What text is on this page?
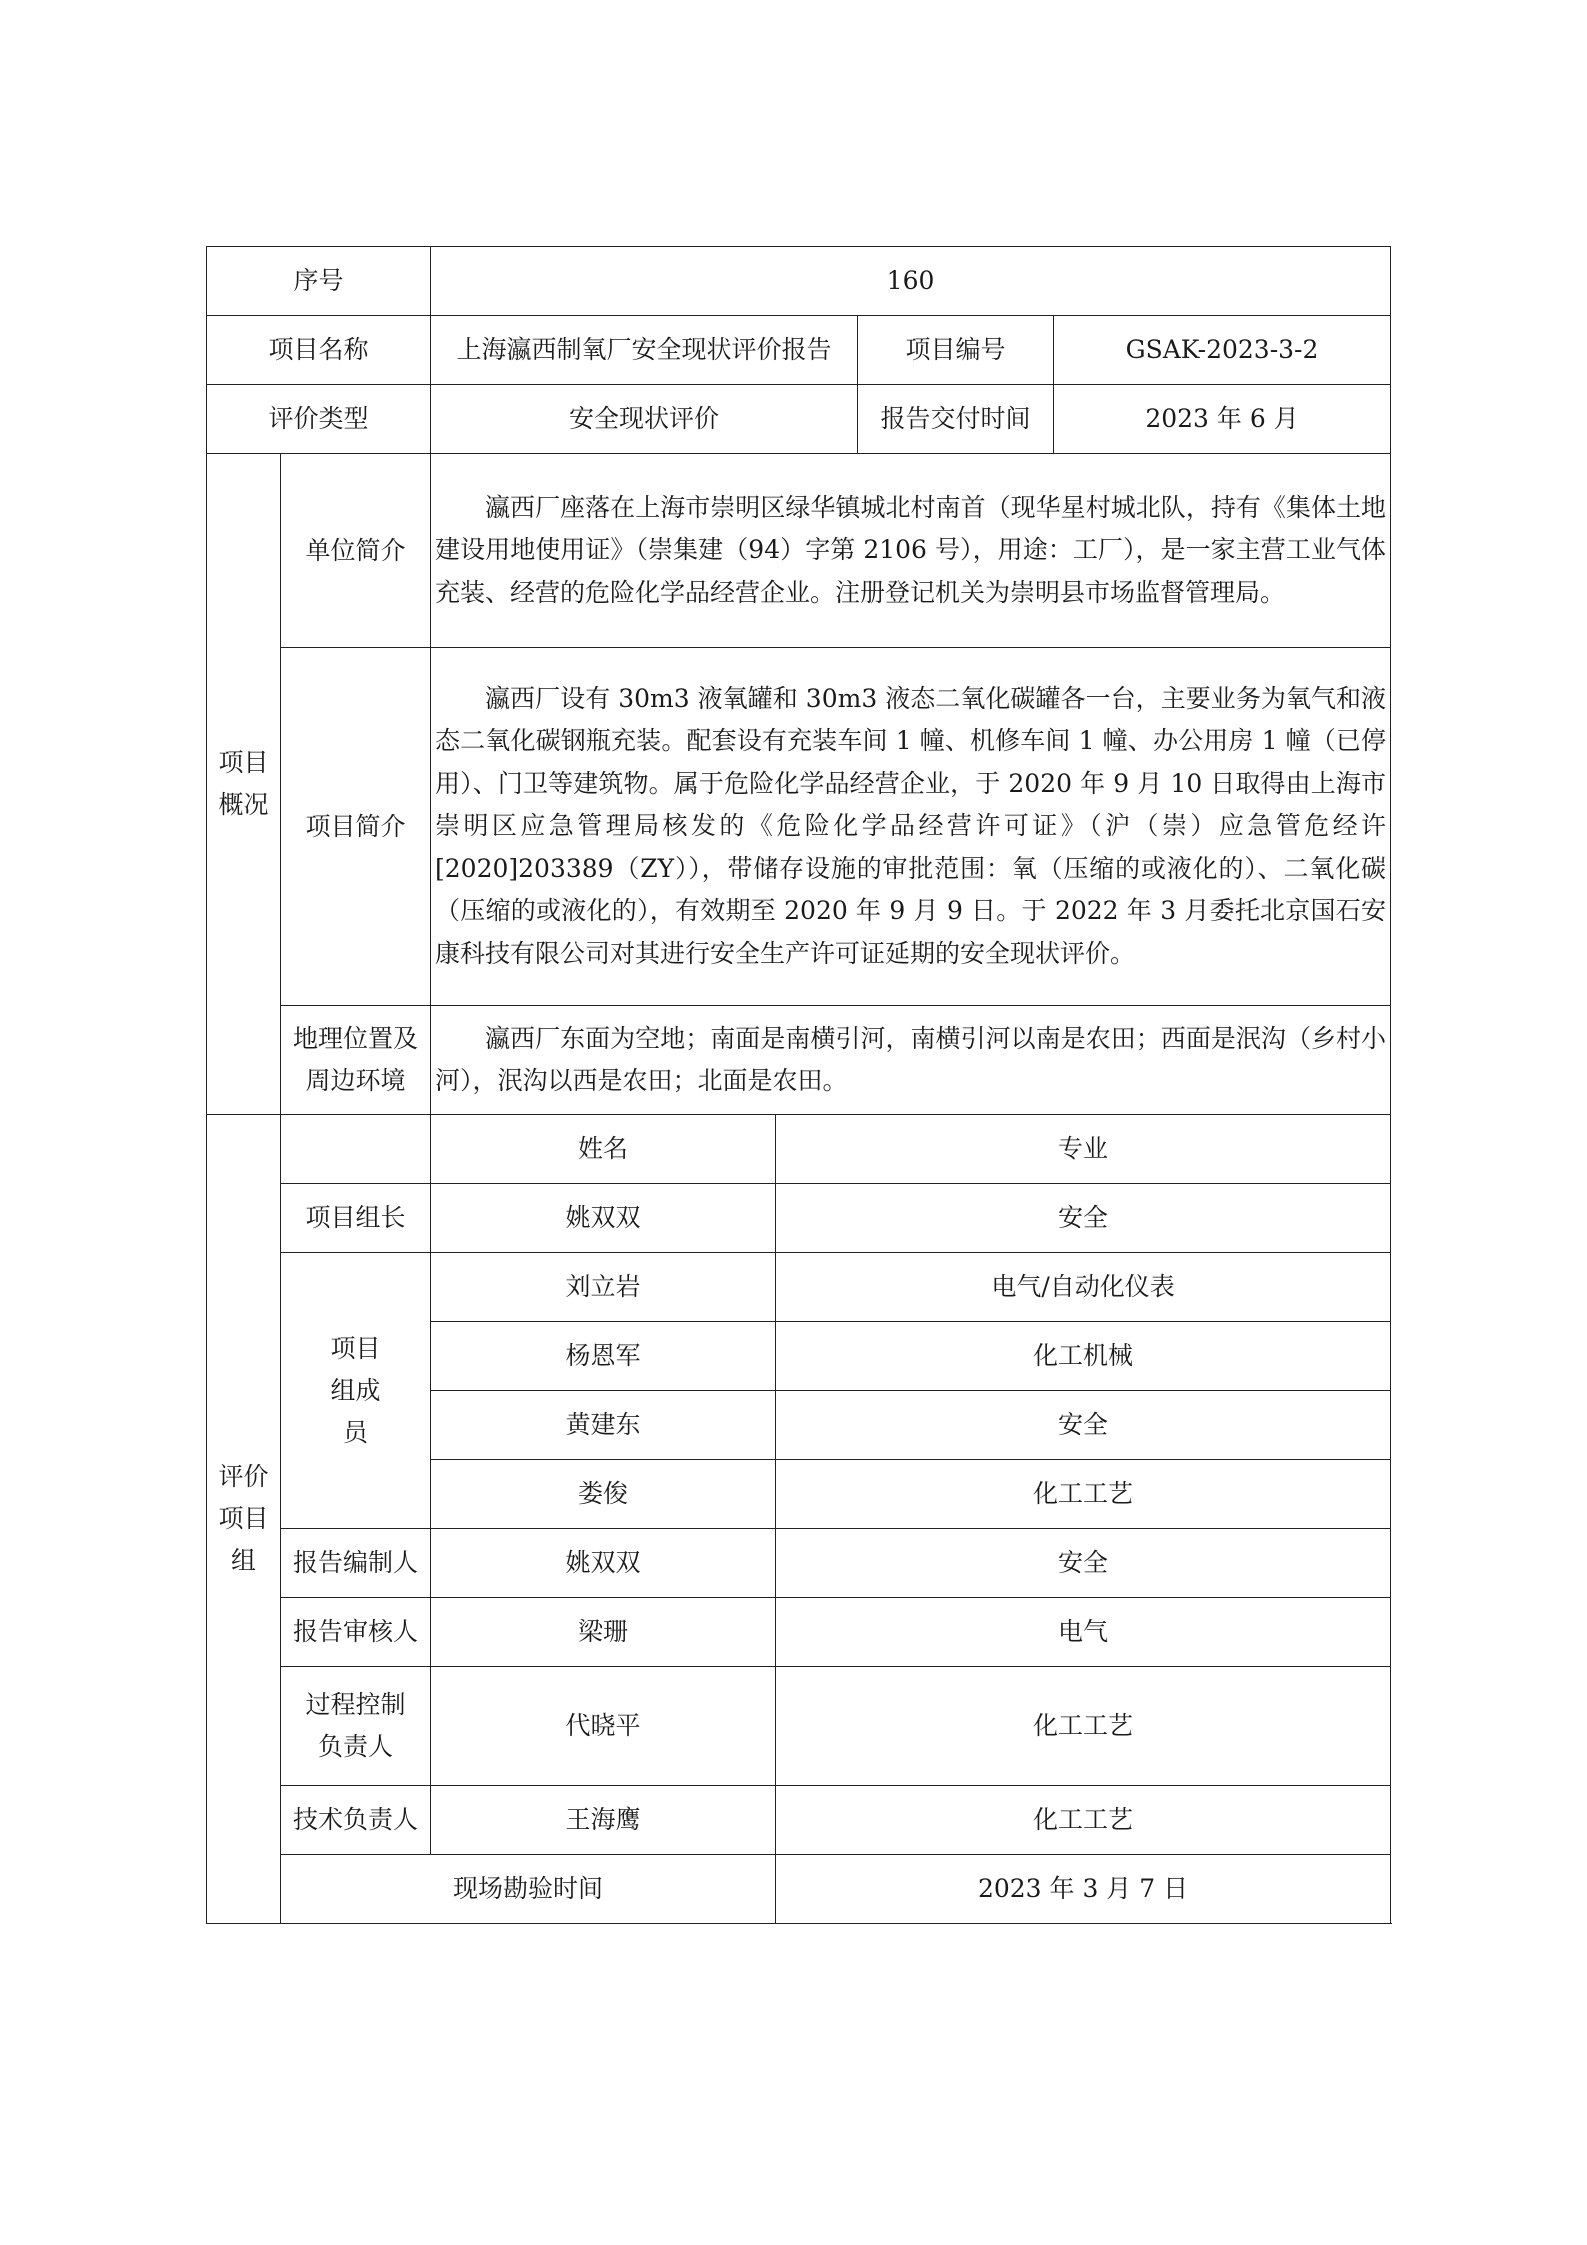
序号		160			
项目名称		上海瀛西制氧厂安全现状评价报告		项目编号	GSAK-2023-3-2
评价类型		安全现状评价		报告交付时间	2023 年 6 月
项目概况	单位简介	瀛西厂座落在上海市崇明区绿华镇城北村南首（现华星村城北队，持有《集体土地建设用地使用证》（崇集建（94）字第 2106 号），用途：工厂），是一家主营工业气体充装、经营的危险化学品经营企业。注册登记机关为崇明县市场监督管理局。			
	项目简介	瀛西厂设有 30m3 液氧罐和 30m3 液态二氧化碳罐各一台，主要业务为氧气和液态二氧化碳钢瓶充装。配套设有充装车间 1 幢、机修车间 1 幢、办公用房 1 幢（已停用）、门卫等建筑物。属于危险化学品经营企业，于 2020 年 9 月 10 日取得由上海市崇明区应急管理局核发的《危险化学品经营许可证》（沪（崇）应急管危经许[2020]203389（ZY）），带储存设施的审批范围：氧（压缩的或液化的）、二氧化碳（压缩的或液化的），有效期至 2020 年 9 月 9 日。于 2022 年 3 月委托北京国石安康科技有限公司对其进行安全生产许可证延期的安全现状评价。			
	地理位置及周边环境	瀛西厂东面为空地；南面是南横引河，南横引河以南是农田；西面是泯沟（乡村小河），泯沟以西是农田；北面是农田。			
评价项目组		姓名	专业		
	项目组长	姚双双	安全		
	项目组成员	刘立岩	电气/自动化仪表		
		杨恩军	化工机械		
		黄建东	安全		
		娄俊	化工工艺		
	报告编制人	姚双双	安全		
	报告审核人	梁珊	电气		
	过程控制负责人	代晓平	化工工艺		
	技术负责人	王海鹰	化工工艺		
	现场勘验时间		2023 年 3 月 7 日		
